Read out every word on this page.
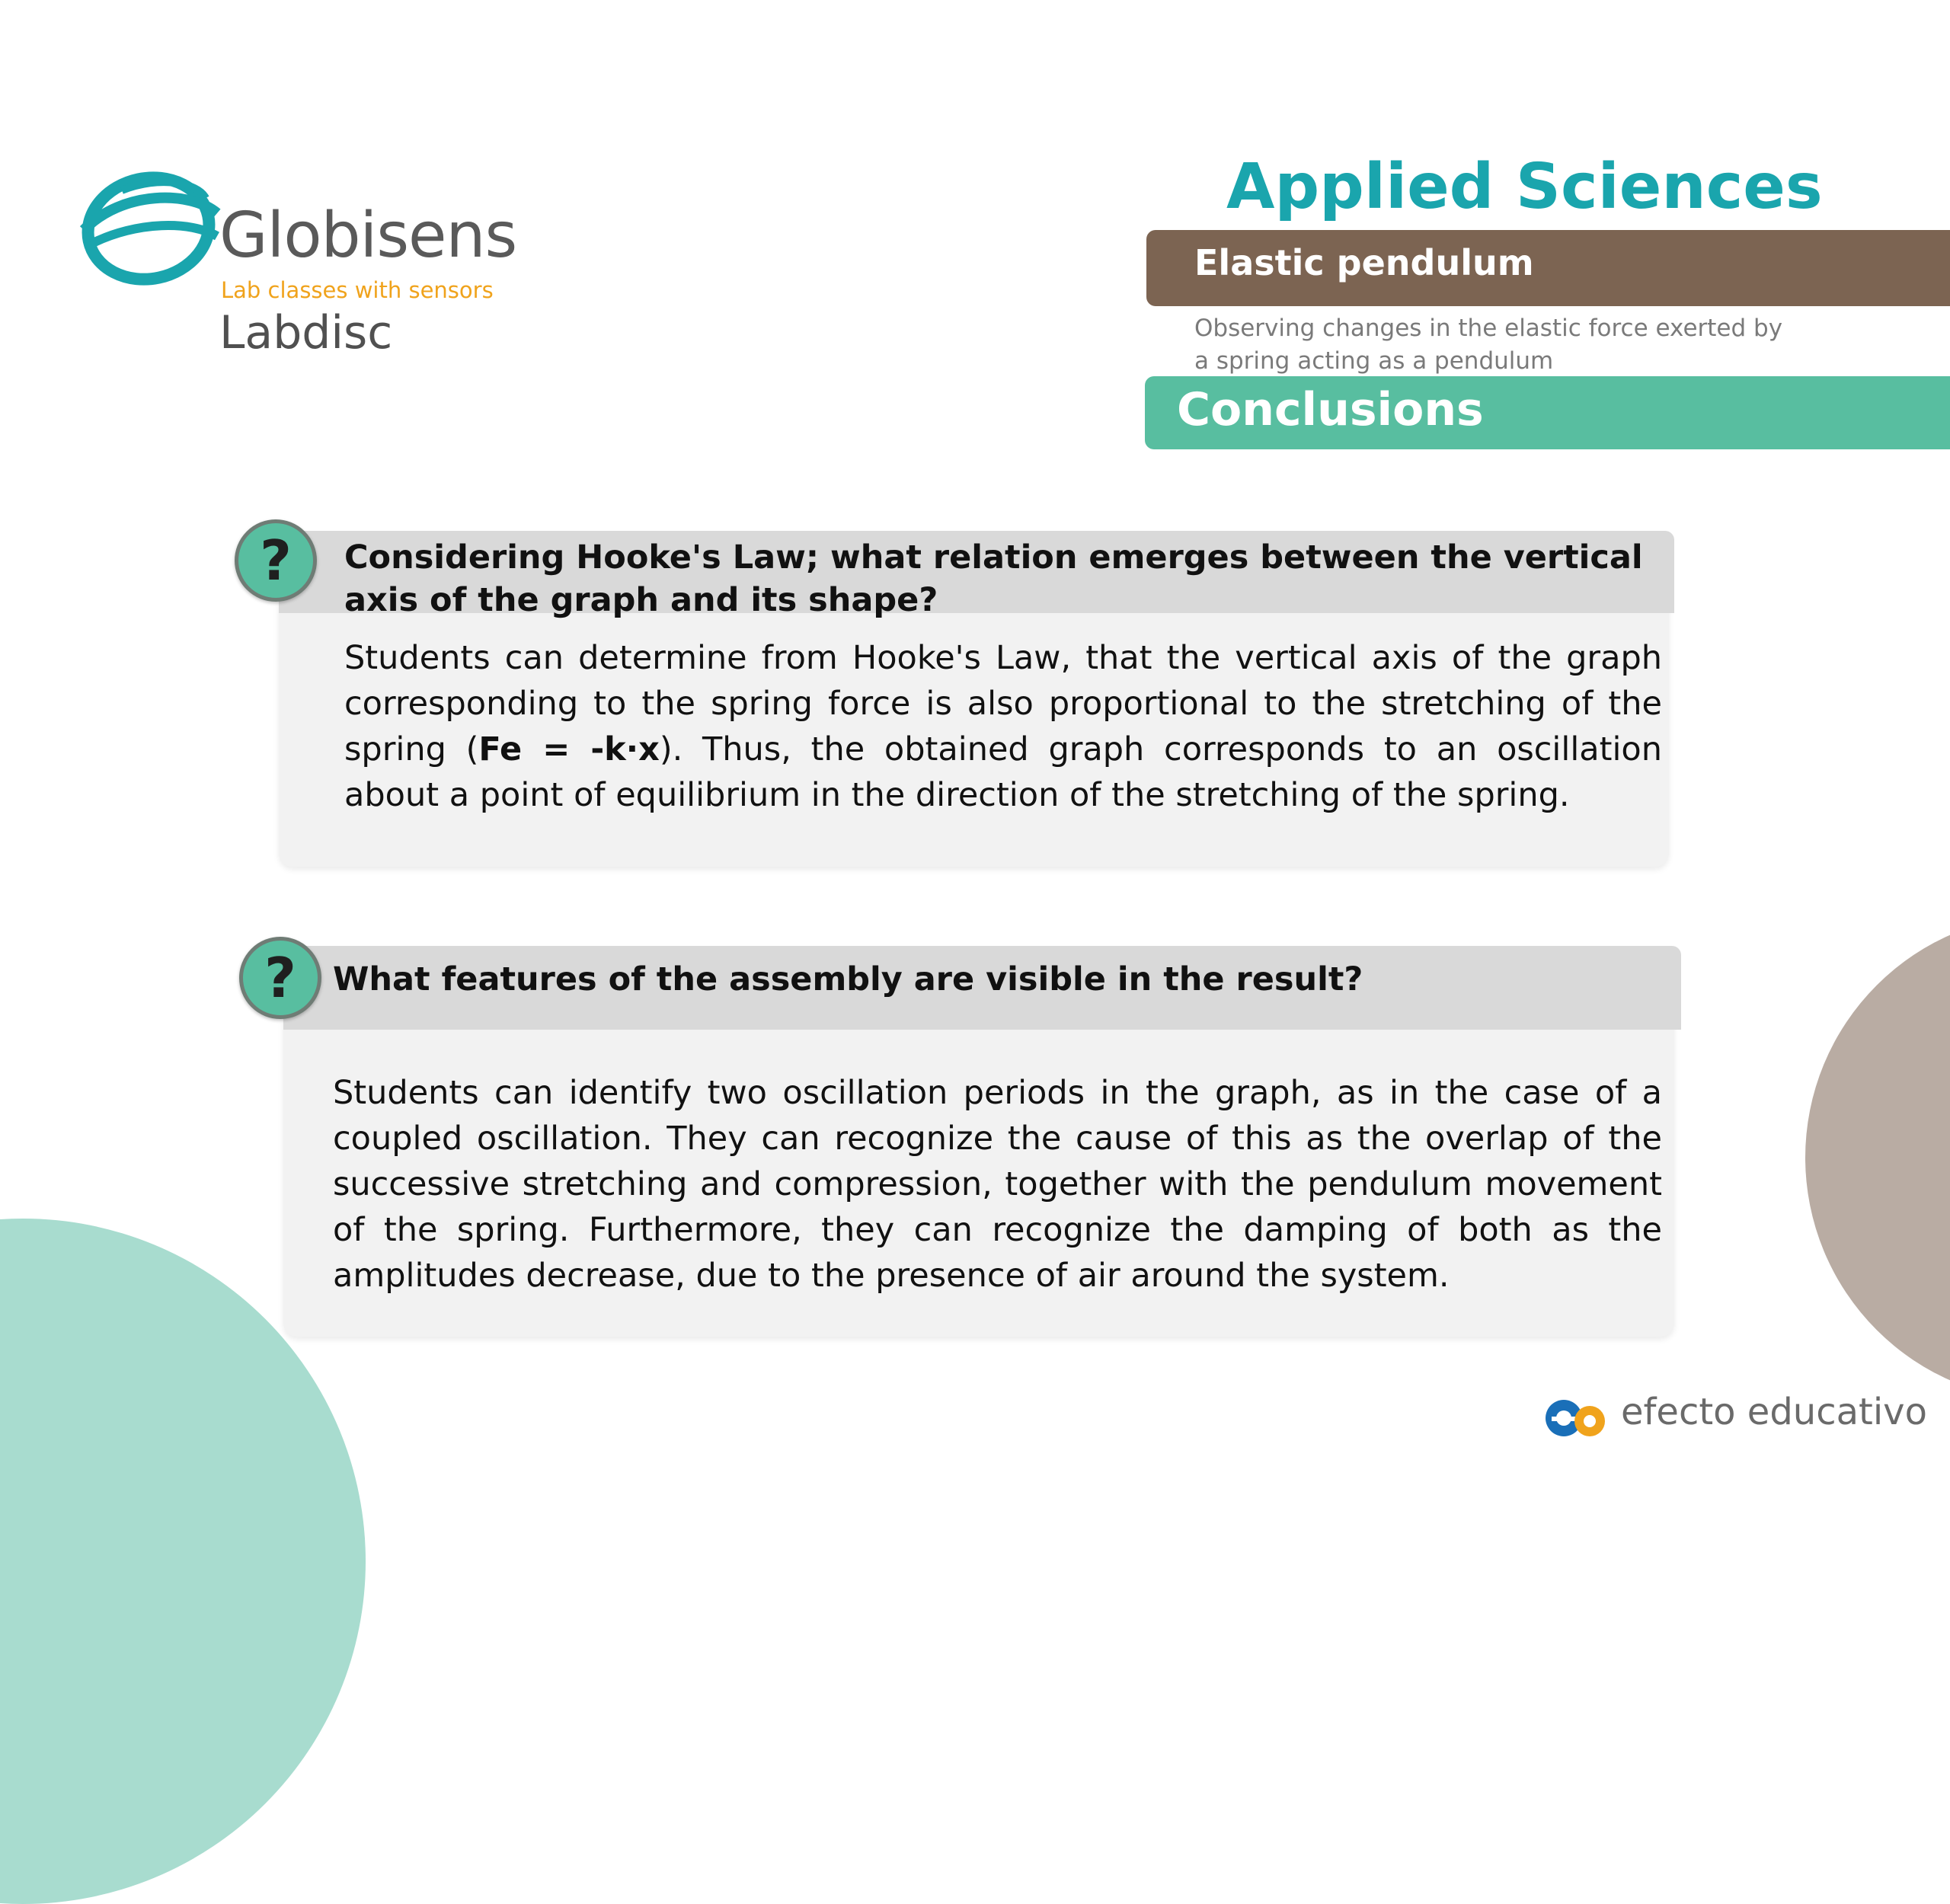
Globisens
Lab classes with sensors
Labdisc
Applied Sciences
Elastic pendulum
Observing changes in the elastic force exerted by a spring acting as a pendulum
Conclusions
? Considering Hooke's Law; what relation emerges between the vertical axis of the graph and its shape?
Students can determine from Hooke's Law, that the vertical axis of the graph corresponding to the spring force is also proportional to the stretching of the spring (Fe = -k·x). Thus, the obtained graph corresponds to an oscillation about a point of equilibrium in the direction of the stretching of the spring.
? What features of the assembly are visible in the result?
Students can identify two oscillation periods in the graph, as in the case of a coupled oscillation. They can recognize the cause of this as the overlap of the successive stretching and compression, together with the pendulum movement of the spring. Furthermore, they can recognize the damping of both as the amplitudes decrease, due to the presence of air around the system.
efecto educativo
